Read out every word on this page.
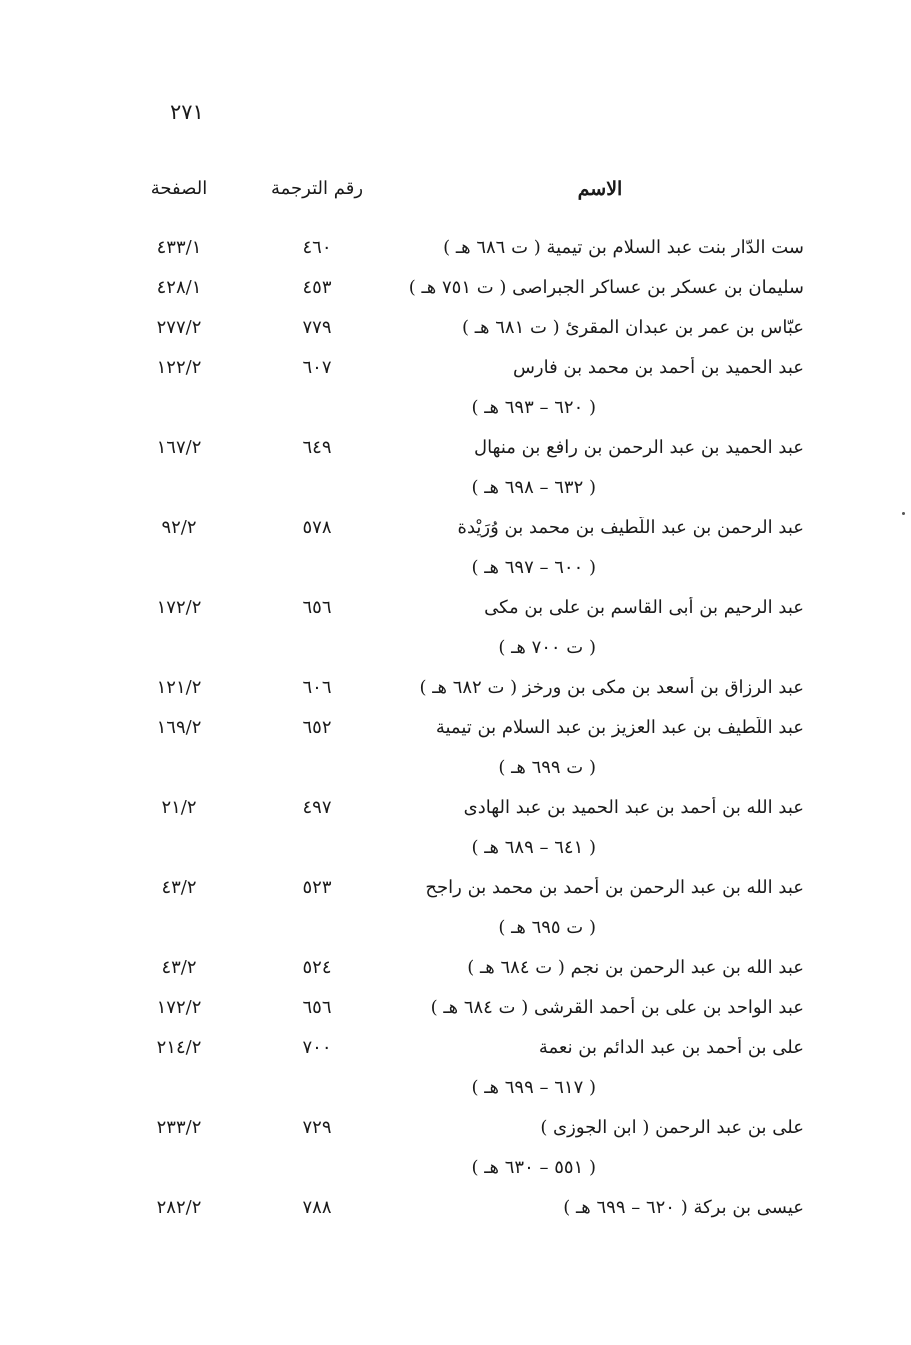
٢٧١
الاسم
رقم الترجمة
الصفحة
ست الدّار بنت عبد السلام بن تيمية ( ت ٦٨٦ هـ )
٤٦٠
٤٣٣/١
سليمان بن عسكر بن عساكر الجبراصى ( ت ٧٥١ هـ )
٤٥٣
٤٢٨/١
عبّاس بن عمر بن عبدان المقرئ ( ت ٦٨١ هـ )
٧٧٩
٢٧٧/٢
عبد الحميد بن أحمد بن محمد بن فارس
٦٠٧
١٢٢/٢
( ٦٢٠ – ٦٩٣ هـ )
عبد الحميد بن عبد الرحمن بن رافع بن منهال
٦٤٩
١٦٧/٢
( ٦٣٢ – ٦٩٨ هـ )
عبد الرحمن بن عبد اللّطيف بن محمد بن وُرَيْدة
٥٧٨
٩٢/٢
( ٦٠٠ – ٦٩٧ هـ )
عبد الرحيم بن أبى القاسم بن على بن مكى
٦٥٦
١٧٢/٢
( ت ٧٠٠ هـ )
عبد الرزاق بن أسعد بن مكى بن ورخز ( ت ٦٨٢ هـ )
٦٠٦
١٢١/٢
عبد اللّطيف بن عبد العزيز بن عبد السلام بن تيمية
٦٥٢
١٦٩/٢
( ت ٦٩٩ هـ )
عبد الله بن أحمد بن عبد الحميد بن عبد الهادى
٤٩٧
٢١/٢
( ٦٤١ – ٦٨٩ هـ )
عبد الله بن عبد الرحمن بن أحمد بن محمد بن راجح
٥٢٣
٤٣/٢
( ت ٦٩٥ هـ )
عبد الله بن عبد الرحمن بن نجم ( ت ٦٨٤ هـ )
٥٢٤
٤٣/٢
عبد الواحد بن على بن أحمد القرشى ( ت ٦٨٤ هـ )
٦٥٦
١٧٢/٢
على بن أحمد بن عبد الدائم بن نعمة
٧٠٠
٢١٤/٢
( ٦١٧ – ٦٩٩ هـ )
على بن عبد الرحمن ( ابن الجوزى )
٧٢٩
٢٣٣/٢
( ٥٥١ – ٦٣٠ هـ )
عيسى بن بركة ( ٦٢٠ – ٦٩٩ هـ )
٧٨٨
٢٨٢/٢
